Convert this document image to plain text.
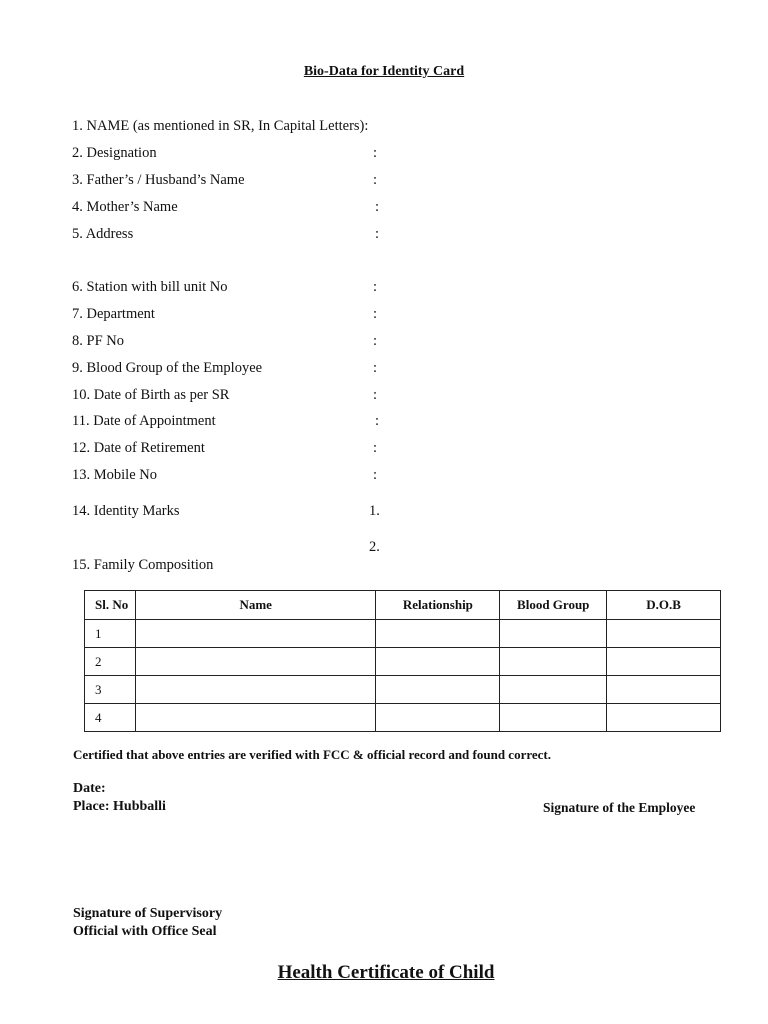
Bio-Data for Identity Card
1. NAME (as mentioned in SR, In Capital Letters):
2. Designation	:
3. Father’s / Husband’s Name	:
4. Mother’s Name	:
5. Address	:
6. Station with bill unit No	:
7. Department	:
8. PF No	:
9. Blood Group of the Employee	:
10. Date of Birth as per SR	:
11. Date of Appointment	:
12. Date of Retirement	:
13. Mobile No	:
14. Identity Marks	1.
2.
15. Family Composition
Sl. No	Name	Relationship	Blood Group	D.O.B
1				
2				
3				
4				
Certified that above entries are verified with FCC & official record and found correct.
Date:
Place: Hubballi	Signature of the Employee
Signature of Supervisory
Official with Office Seal
Health Certificate of Child
